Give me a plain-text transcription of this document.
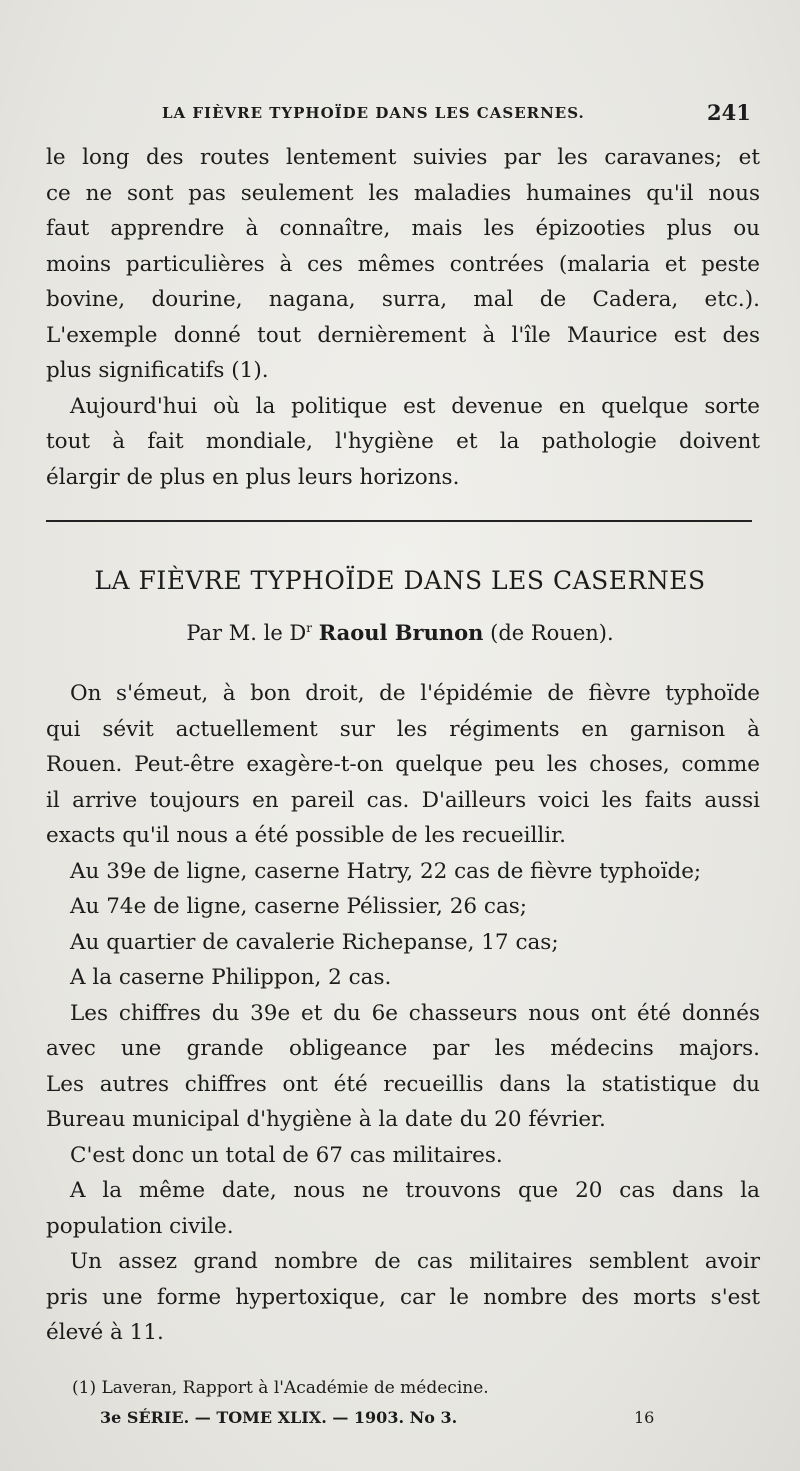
LA FIÈVRE TYPHOÏDE DANS LES CASERNES.	241

le long des routes lentement suivies par les caravanes; et
ce ne sont pas seulement les maladies humaines qu'il nous
faut apprendre à connaître, mais les épizooties plus ou
moins particulières à ces mêmes contrées (malaria et peste
bovine, dourine, nagana, surra, mal de Cadera, etc.).
L'exemple donné tout dernièrement à l'île Maurice est des
plus significatifs (1).

Aujourd'hui où la politique est devenue en quelque sorte
tout à fait mondiale, l'hygiène et la pathologie doivent
élargir de plus en plus leurs horizons.

LA FIÈVRE TYPHOÏDE DANS LES CASERNES
Par M. le $D^r$ Raoul Brunon (de Rouen).

On s'émeut, à bon droit, de l'épidémie de fièvre typhoïde
qui sévit actuellement sur les régiments en garnison à
Rouen. Peut-être exagère-t-on quelque peu les choses, comme
il arrive toujours en pareil cas. D'ailleurs voici les faits aussi
exacts qu'il nous a été possible de les recueillir.

Au 39e de ligne, caserne Hatry, 22 cas de fièvre typhoïde;

Au 74e de ligne, caserne Pélissier, 26 cas;

Au quartier de cavalerie Richepanse, 17 cas;

A la caserne Philippon, 2 cas.

Les chiffres du 39e et du 6e chasseurs nous ont été donnés
avec une grande obligeance par les médecins majors.
Les autres chiffres ont été recueillis dans la statistique du
Bureau municipal d'hygiène à la date du 20 février.

C'est donc un total de 67 cas militaires.

A la même date, nous ne trouvons que 20 cas dans la
population civile.

Un assez grand nombre de cas militaires semblent avoir
pris une forme hypertoxique, car le nombre des morts s'est
élevé à 11.

(1) Laveran, Rapport à l'Académie de médecine.
3e SÉRIE. — TOME XLIX. — 1903. No 3.	16
